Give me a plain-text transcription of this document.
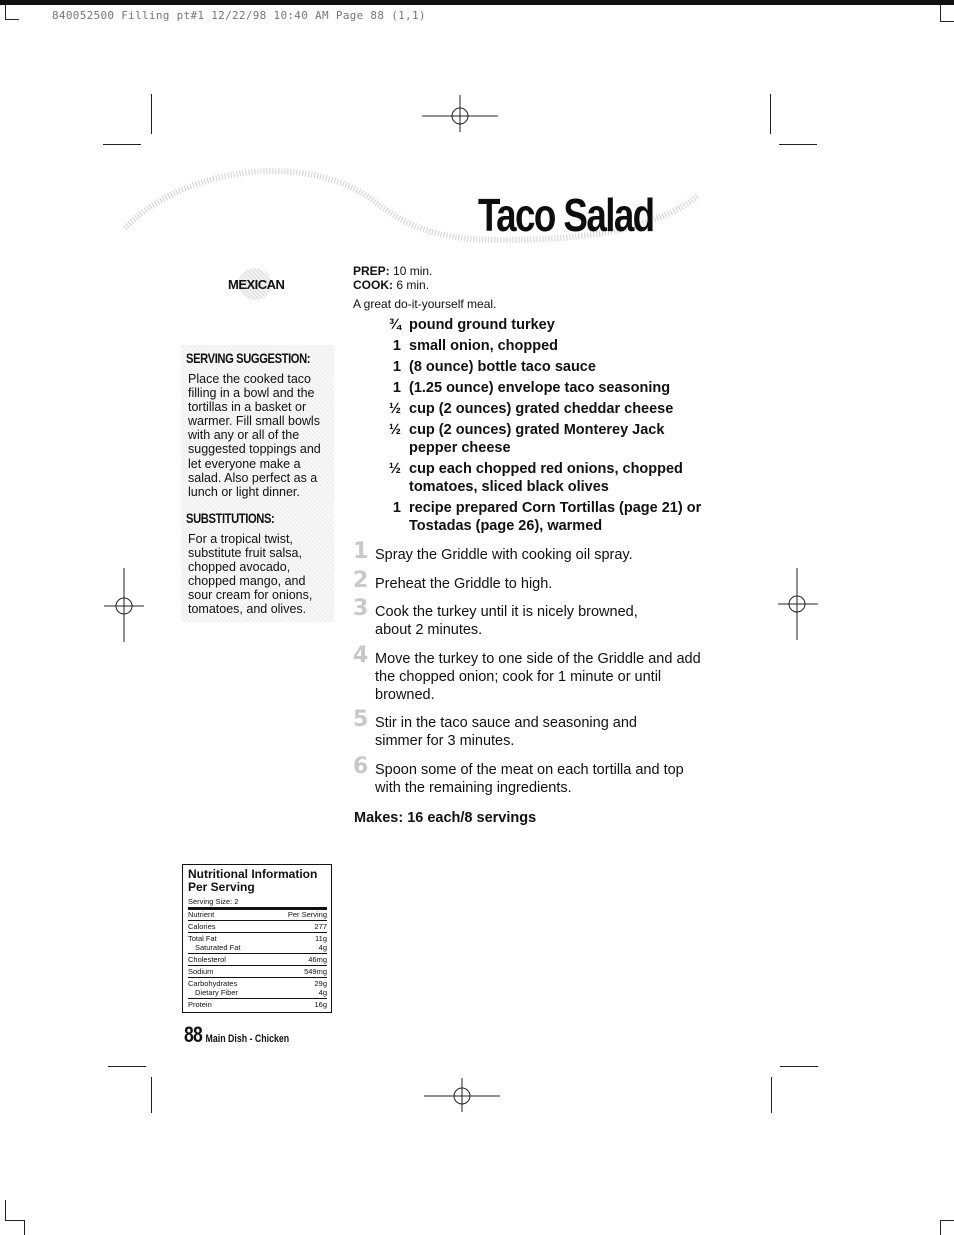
840052500 Filling pt#1 12/22/98 10:40 AM Page 88 (1,1)
Taco Salad
MEXICAN
SERVING SUGGESTION:
Place the cooked taco filling in a bowl and the tortillas in a basket or warmer. Fill small bowls with any or all of the suggested toppings and let everyone make a salad. Also perfect as a lunch or light dinner.
SUBSTITUTIONS:
For a tropical twist, substitute fruit salsa, chopped avocado, chopped mango, and sour cream for onions, tomatoes, and olives.
PREP: 10 min.
COOK: 6 min.
A great do-it-yourself meal.
¾ pound ground turkey
1 small onion, chopped
1 (8 ounce) bottle taco sauce
1 (1.25 ounce) envelope taco seasoning
½ cup (2 ounces) grated cheddar cheese
½ cup (2 ounces) grated Monterey Jack pepper cheese
½ cup each chopped red onions, chopped tomatoes, sliced black olives
1 recipe prepared Corn Tortillas (page 21) or Tostadas (page 26), warmed
1 Spray the Griddle with cooking oil spray.
2 Preheat the Griddle to high.
3 Cook the turkey until it is nicely browned, about 2 minutes.
4 Move the turkey to one side of the Griddle and add the chopped onion; cook for 1 minute or until browned.
5 Stir in the taco sauce and seasoning and simmer for 3 minutes.
6 Spoon some of the meat on each tortilla and top with the remaining ingredients.
Makes: 16 each/8 servings
Nutritional Information Per Serving
Serving Size: 2
Nutrient	Per Serving
Calories	277
Total Fat	11g
Saturated Fat	4g
Cholesterol	46mg
Sodium	549mg
Carbohydrates	29g
Dietary Fiber	4g
Protein	16g
88 Main Dish - Chicken
